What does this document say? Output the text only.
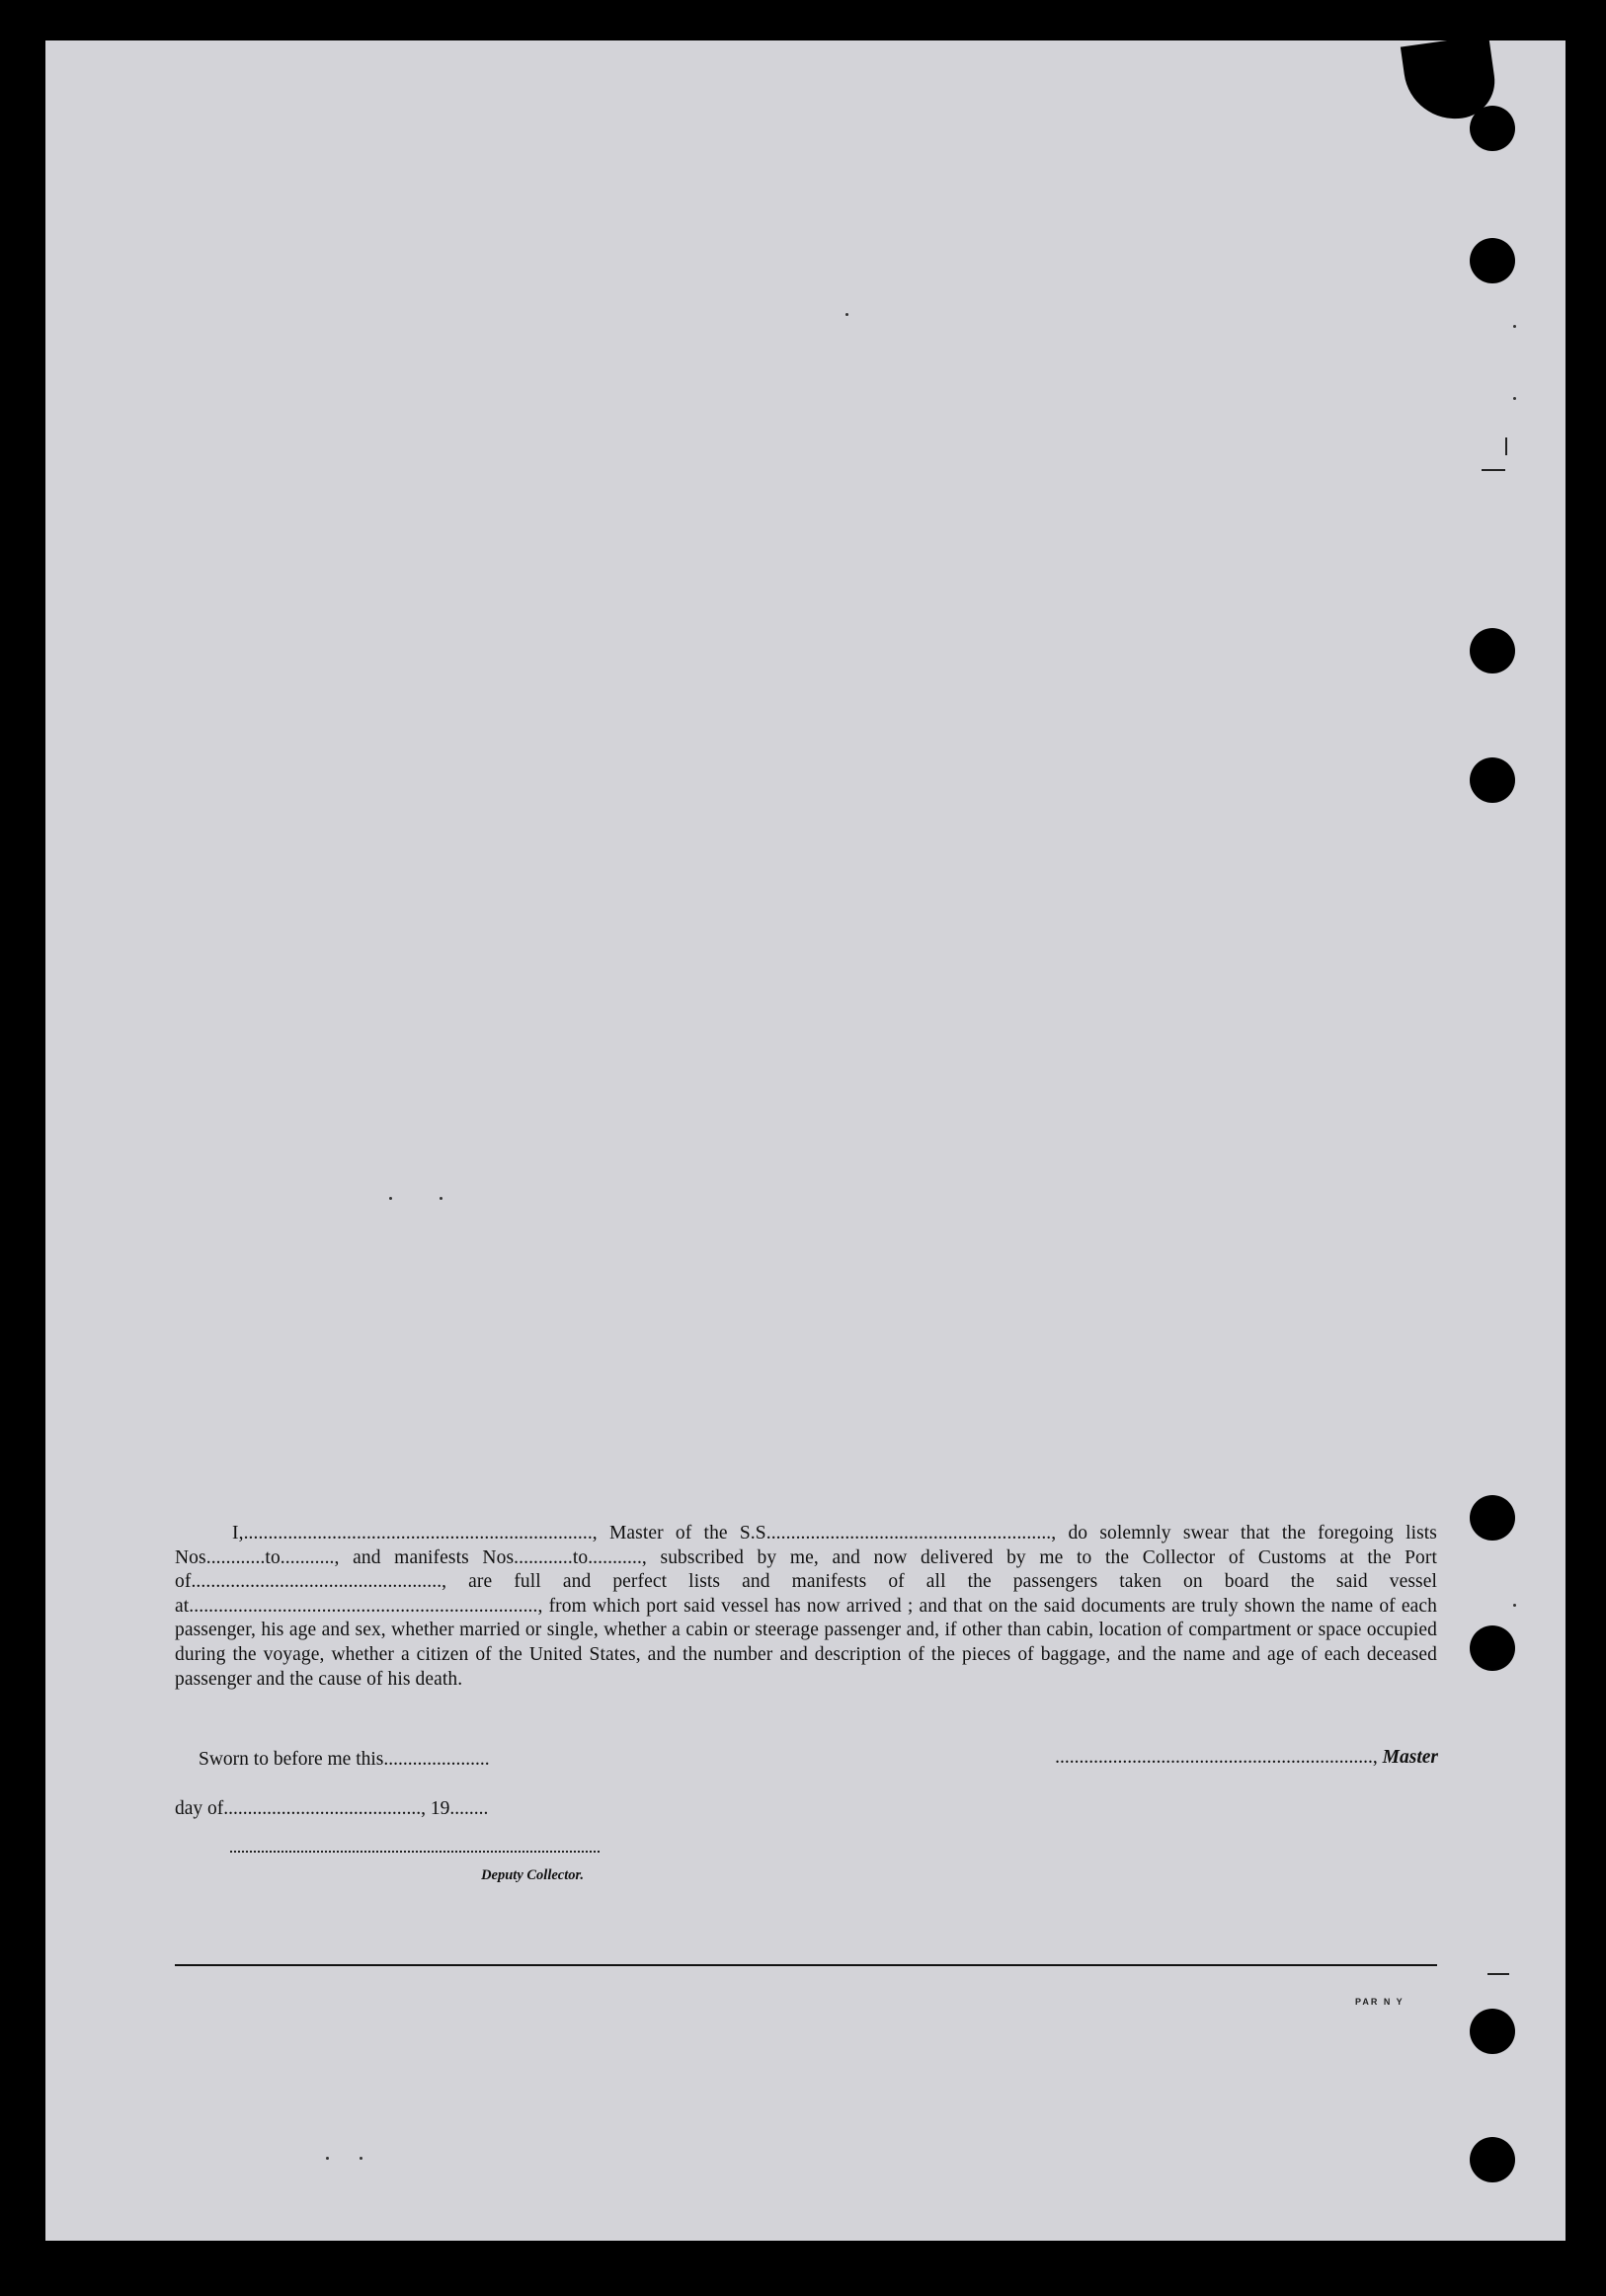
I,......................................................................., Master of the S.S.........................................................., do solemnly swear that the foregoing lists Nos............to..........., and manifests Nos............to..........., subscribed by me, and now delivered by me to the Collector of Customs at the Port of..................................................., are full and perfect lists and manifests of all the passengers taken on board the said vessel at......................................................................., from which port said vessel has now arrived ; and that on the said documents are truly shown the name of each passenger, his age and sex, whether married or single, whether a cabin or steerage passenger and, if other than cabin, location of compartment or space occupied during the voyage, whether a citizen of the United States, and the number and description of the pieces of baggage, and the name and age of each deceased passenger and the cause of his death.

Sworn to before me this......................	.................................................................., Master
day of........................................., 19........
Deputy Collector.
PAR N Y
